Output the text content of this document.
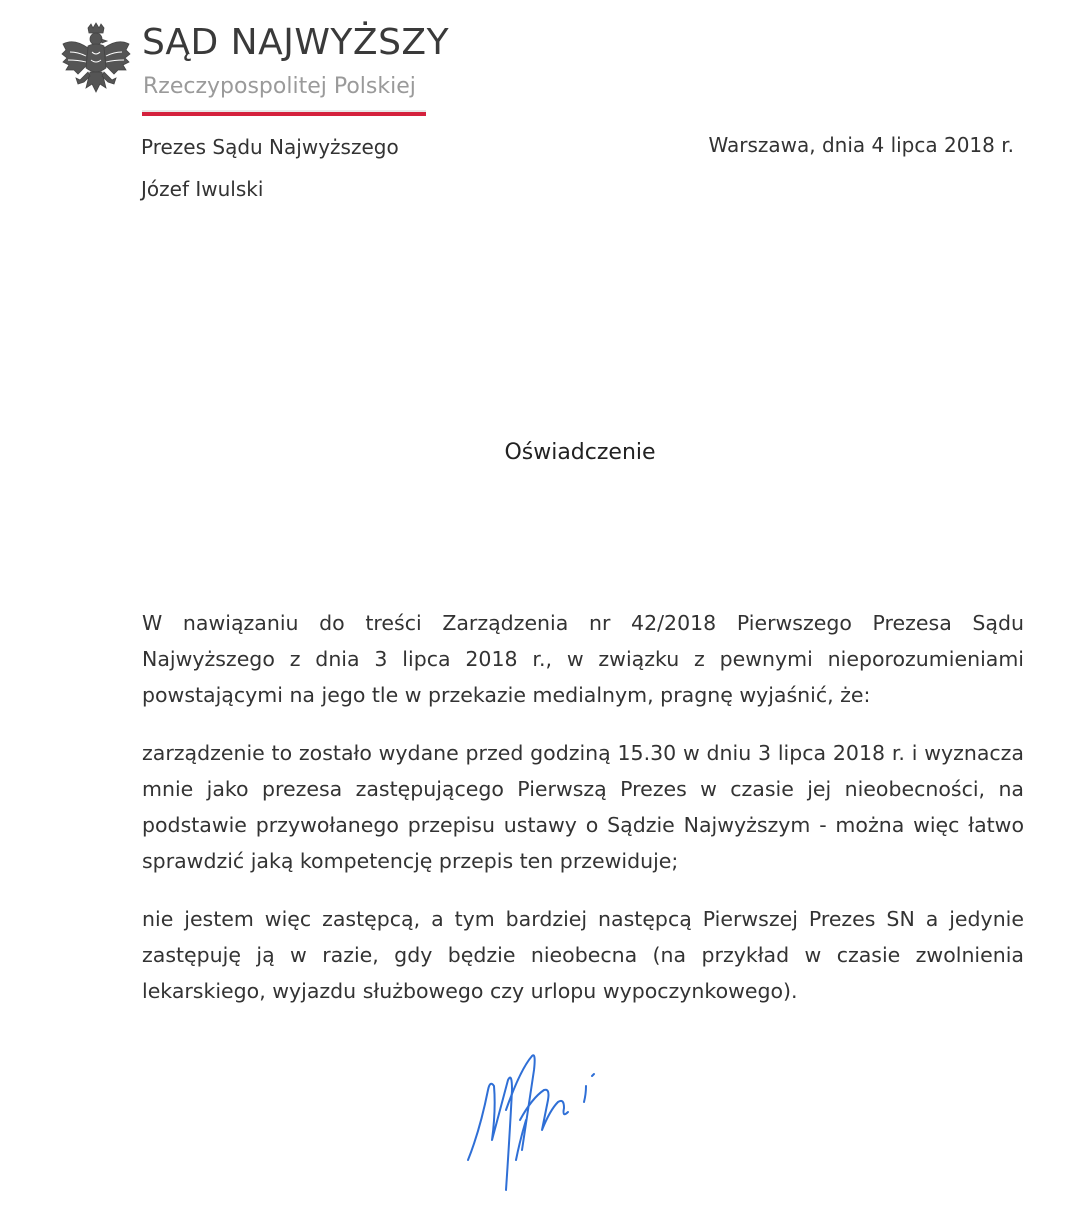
SĄD NAJWYŻSZY
Rzeczypospolitej Polskiej
Prezes Sądu Najwyższego
Józef Iwulski
Warszawa, dnia 4 lipca 2018 r.
Oświadczenie

W nawiązaniu do treści Zarządzenia nr 42/2018 Pierwszego Prezesa Sądu Najwyższego z dnia 3 lipca 2018 r., w związku z pewnymi nieporozumieniami powstającymi na jego tle w przekazie medialnym, pragnę wyjaśnić, że:

zarządzenie to zostało wydane przed godziną 15.30 w dniu 3 lipca 2018 r. i wyznacza mnie jako prezesa zastępującego Pierwszą Prezes w czasie jej nieobecności, na podstawie przywołanego przepisu ustawy o Sądzie Najwyższym - można więc łatwo sprawdzić jaką kompetencję przepis ten przewiduje;

nie jestem więc zastępcą, a tym bardziej następcą Pierwszej Prezes SN a jedynie zastępuję ją w razie, gdy będzie nieobecna (na przykład w czasie zwolnienia lekarskiego, wyjazdu służbowego czy urlopu wypoczynkowego).
